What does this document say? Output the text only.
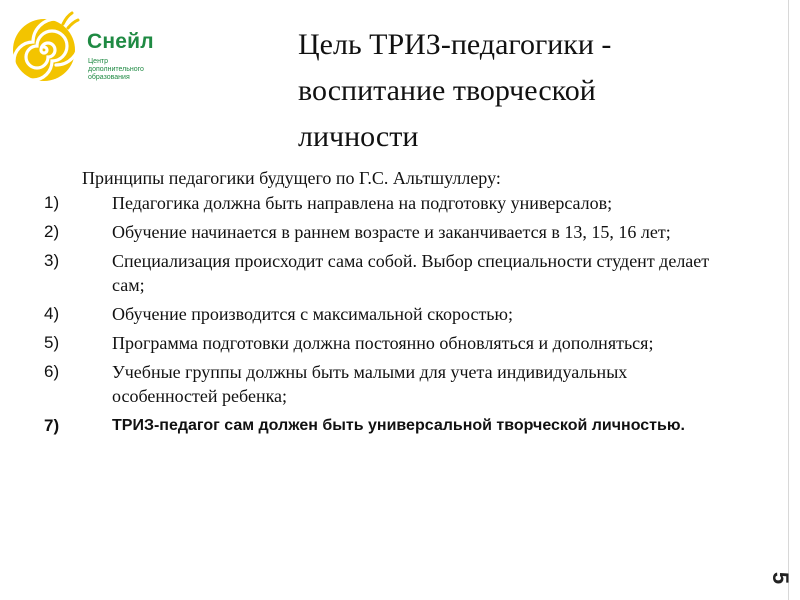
Снейл
Центр
дополнительного
образования
Цель ТРИЗ-педагогики - воспитание творческой личности

Принципы педагогики будущего по Г.С. Альтшуллеру:

1)	Педагогика должна быть направлена на подготовку универсалов;
2)	Обучение начинается в раннем возрасте и заканчивается в 13, 15, 16 лет;
3)	Специализация происходит сама собой. Выбор специальности студент делает сам;
4)	Обучение производится с максимальной скоростью;
5)	Программа подготовки должна постоянно обновляться и дополняться;
6)	Учебные группы должны быть малыми для учета индивидуальных особенностей ребенка;
7)	ТРИЗ-педагог сам должен быть универсальной творческой личностью.
5
